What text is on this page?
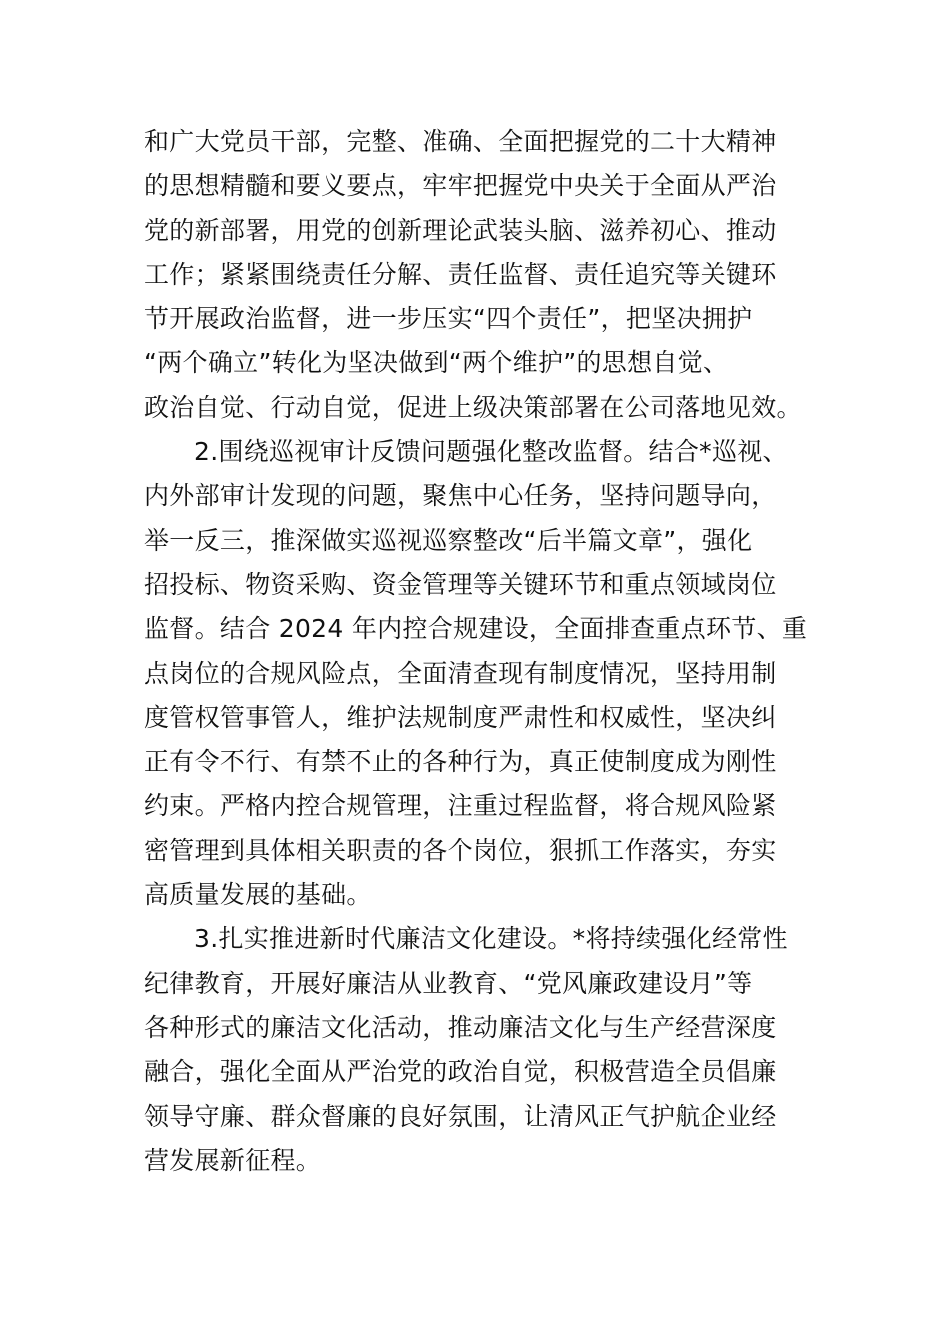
和广大党员干部，完整、准确、全面把握党的二十大精神
的思想精髓和要义要点，牢牢把握党中央关于全面从严治
党的新部署，用党的创新理论武装头脑、滋养初心、推动
工作；紧紧围绕责任分解、责任监督、责任追究等关键环
节开展政治监督，进一步压实“四个责任”，把坚决拥护
“两个确立”转化为坚决做到“两个维护”的思想自觉、
政治自觉、行动自觉，促进上级决策部署在公司落地见效。
2.围绕巡视审计反馈问题强化整改监督。结合*巡视、
内外部审计发现的问题，聚焦中心任务，坚持问题导向，
举一反三，推深做实巡视巡察整改“后半篇文章”，强化
招投标、物资采购、资金管理等关键环节和重点领域岗位
监督。结合 2024 年内控合规建设，全面排查重点环节、重
点岗位的合规风险点，全面清查现有制度情况，坚持用制
度管权管事管人，维护法规制度严肃性和权威性，坚决纠
正有令不行、有禁不止的各种行为，真正使制度成为刚性
约束。严格内控合规管理，注重过程监督，将合规风险紧
密管理到具体相关职责的各个岗位，狠抓工作落实，夯实
高质量发展的基础。
3.扎实推进新时代廉洁文化建设。*将持续强化经常性
纪律教育，开展好廉洁从业教育、“党风廉政建设月”等
各种形式的廉洁文化活动，推动廉洁文化与生产经营深度
融合，强化全面从严治党的政治自觉，积极营造全员倡廉
领导守廉、群众督廉的良好氛围，让清风正气护航企业经
营发展新征程。
